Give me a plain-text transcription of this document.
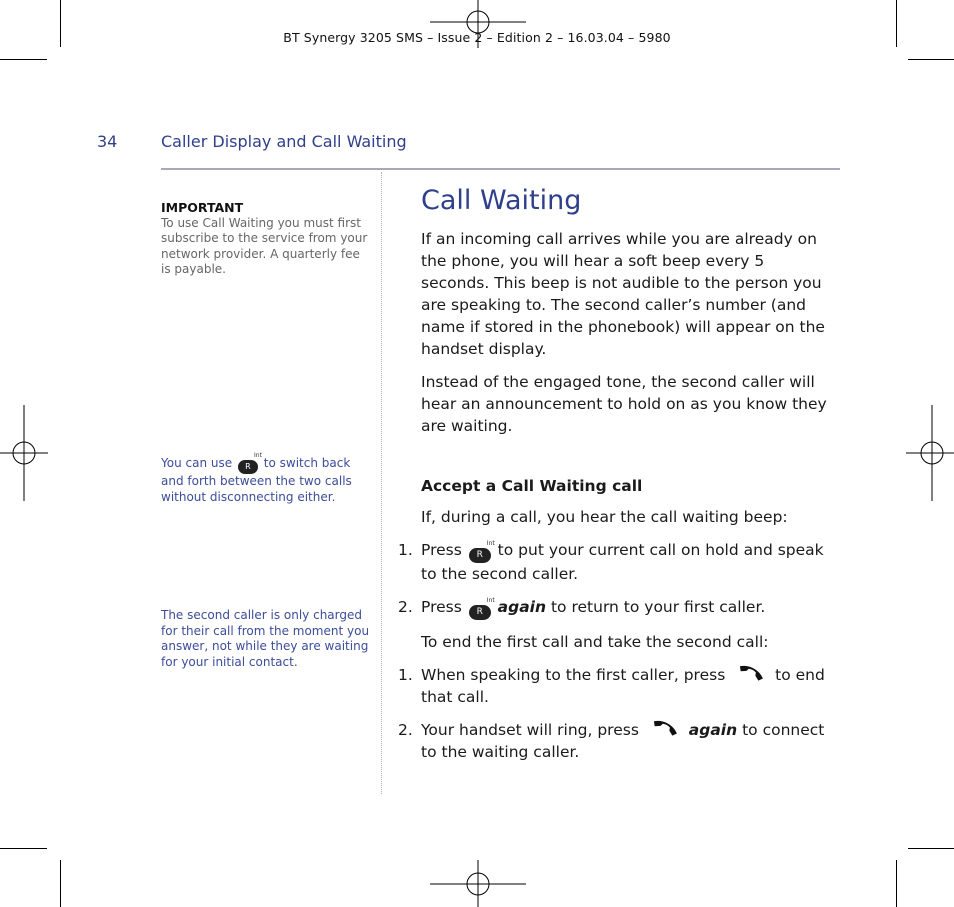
BT Synergy 3205 SMS – Issue 2 – Edition 2 – 16.03.04 – 5980
34	Caller Display and Call Waiting
IMPORTANT
To use Call Waiting you must first subscribe to the service from your network provider. A quarterly fee is payable.
You can use R
Int
to switch back and forth between the two calls without disconnecting either.
The second caller is only charged for their call from the moment you answer, not while they are waiting for your initial contact.
Call Waiting

If an incoming call arrives while you are already on the phone, you will hear a soft beep every 5 seconds. This beep is not audible to the person you are speaking to. The second caller’s number (and name if stored in the phonebook) will appear on the handset display.

Instead of the engaged tone, the second caller will hear an announcement to hold on as you know they are waiting.

Accept a Call Waiting call

If, during a call, you hear the call waiting beep:

1. Press R
Int to put your current call on hold and speak to the second caller.
2. Press R
Int again to return to your first caller.

To end the first call and take the second call:

1. When speaking to the first caller, press	to end that call.
2. Your handset will ring, press	again to connect to the waiting caller.
